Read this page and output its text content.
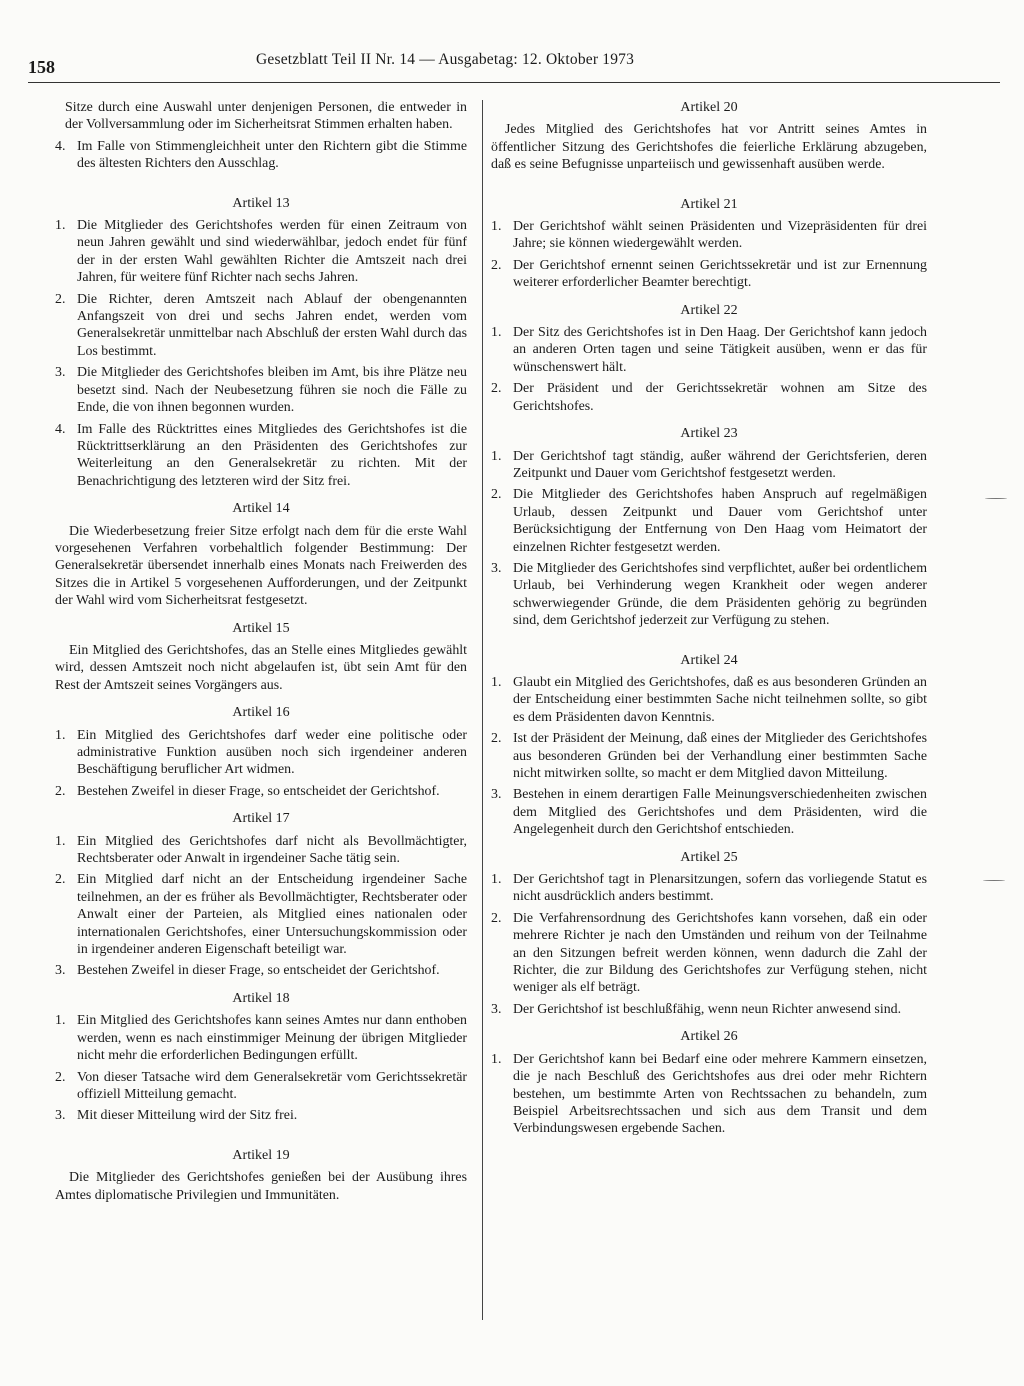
158	Gesetzblatt Teil II Nr. 14 — Ausgabetag: 12. Oktober 1973

Sitze durch eine Auswahl unter denjenigen Personen, die entweder in der Vollversammlung oder im Sicherheitsrat Stimmen erhalten haben.

4. Im Falle von Stimmengleichheit unter den Richtern gibt die Stimme des ältesten Richters den Ausschlag.
Artikel 13
1. Die Mitglieder des Gerichtshofes werden für einen Zeitraum von neun Jahren gewählt und sind wiederwählbar, jedoch endet für fünf der in der ersten Wahl gewählten Richter die Amtszeit nach drei Jahren, für weitere fünf Richter nach sechs Jahren.
2. Die Richter, deren Amtszeit nach Ablauf der obengenannten Anfangszeit von drei und sechs Jahren endet, werden vom Generalsekretär unmittelbar nach Abschluß der ersten Wahl durch das Los bestimmt.
3. Die Mitglieder des Gerichtshofes bleiben im Amt, bis ihre Plätze neu besetzt sind. Nach der Neubesetzung führen sie noch die Fälle zu Ende, die von ihnen begonnen wurden.
4. Im Falle des Rücktrittes eines Mitgliedes des Gerichtshofes ist die Rücktrittserklärung an den Präsidenten des Gerichtshofes zur Weiterleitung an den Generalsekretär zu richten. Mit der Benachrichtigung des letzteren wird der Sitz frei.
Artikel 14

Die Wiederbesetzung freier Sitze erfolgt nach dem für die erste Wahl vorgesehenen Verfahren vorbehaltlich folgender Bestimmung: Der Generalsekretär übersendet innerhalb eines Monats nach Freiwerden des Sitzes die in Artikel 5 vorgesehenen Aufforderungen, und der Zeitpunkt der Wahl wird vom Sicherheitsrat festgesetzt.

Artikel 15

Ein Mitglied des Gerichtshofes, das an Stelle eines Mitgliedes gewählt wird, dessen Amtszeit noch nicht abgelaufen ist, übt sein Amt für den Rest der Amtszeit seines Vorgängers aus.

Artikel 16
1. Ein Mitglied des Gerichtshofes darf weder eine politische oder administrative Funktion ausüben noch sich irgendeiner anderen Beschäftigung beruflicher Art widmen.
2. Bestehen Zweifel in dieser Frage, so entscheidet der Gerichtshof.
Artikel 17
1. Ein Mitglied des Gerichtshofes darf nicht als Bevollmächtigter, Rechtsberater oder Anwalt in irgendeiner Sache tätig sein.
2. Ein Mitglied darf nicht an der Entscheidung irgendeiner Sache teilnehmen, an der es früher als Bevollmächtigter, Rechtsberater oder Anwalt einer der Parteien, als Mitglied eines nationalen oder internationalen Gerichtshofes, einer Untersuchungskommission oder in irgendeiner anderen Eigenschaft beteiligt war.
3. Bestehen Zweifel in dieser Frage, so entscheidet der Gerichtshof.
Artikel 18
1. Ein Mitglied des Gerichtshofes kann seines Amtes nur dann enthoben werden, wenn es nach einstimmiger Meinung der übrigen Mitglieder nicht mehr die erforderlichen Bedingungen erfüllt.
2. Von dieser Tatsache wird dem Generalsekretär vom Gerichtssekretär offiziell Mitteilung gemacht.
3. Mit dieser Mitteilung wird der Sitz frei.
Artikel 19

Die Mitglieder des Gerichtshofes genießen bei der Ausübung ihres Amtes diplomatische Privilegien und Immunitäten.

Artikel 20

Jedes Mitglied des Gerichtshofes hat vor Antritt seines Amtes in öffentlicher Sitzung des Gerichtshofes die feierliche Erklärung abzugeben, daß es seine Befugnisse unparteiisch und gewissenhaft ausüben werde.

Artikel 21
1. Der Gerichtshof wählt seinen Präsidenten und Vizepräsidenten für drei Jahre; sie können wiedergewählt werden.
2. Der Gerichtshof ernennt seinen Gerichtssekretär und ist zur Ernennung weiterer erforderlicher Beamter berechtigt.
Artikel 22
1. Der Sitz des Gerichtshofes ist in Den Haag. Der Gerichtshof kann jedoch an anderen Orten tagen und seine Tätigkeit ausüben, wenn er das für wünschenswert hält.
2. Der Präsident und der Gerichtssekretär wohnen am Sitze des Gerichtshofes.
Artikel 23
1. Der Gerichtshof tagt ständig, außer während der Gerichtsferien, deren Zeitpunkt und Dauer vom Gerichtshof festgesetzt werden.
2. Die Mitglieder des Gerichtshofes haben Anspruch auf regelmäßigen Urlaub, dessen Zeitpunkt und Dauer vom Gerichtshof unter Berücksichtigung der Entfernung von Den Haag vom Heimatort der einzelnen Richter festgesetzt werden.
3. Die Mitglieder des Gerichtshofes sind verpflichtet, außer bei ordentlichem Urlaub, bei Verhinderung wegen Krankheit oder wegen anderer schwerwiegender Gründe, die dem Präsidenten gehörig zu begründen sind, dem Gerichtshof jederzeit zur Verfügung zu stehen.
Artikel 24
1. Glaubt ein Mitglied des Gerichtshofes, daß es aus besonderen Gründen an der Entscheidung einer bestimmten Sache nicht teilnehmen sollte, so gibt es dem Präsidenten davon Kenntnis.
2. Ist der Präsident der Meinung, daß eines der Mitglieder des Gerichtshofes aus besonderen Gründen bei der Verhandlung einer bestimmten Sache nicht mitwirken sollte, so macht er dem Mitglied davon Mitteilung.
3. Bestehen in einem derartigen Falle Meinungsverschiedenheiten zwischen dem Mitglied des Gerichtshofes und dem Präsidenten, wird die Angelegenheit durch den Gerichtshof entschieden.
Artikel 25
1. Der Gerichtshof tagt in Plenarsitzungen, sofern das vorliegende Statut es nicht ausdrücklich anders bestimmt.
2. Die Verfahrensordnung des Gerichtshofes kann vorsehen, daß ein oder mehrere Richter je nach den Umständen und reihum von der Teilnahme an den Sitzungen befreit werden können, wenn dadurch die Zahl der Richter, die zur Bildung des Gerichtshofes zur Verfügung stehen, nicht weniger als elf beträgt.
3. Der Gerichtshof ist beschlußfähig, wenn neun Richter anwesend sind.
Artikel 26
1. Der Gerichtshof kann bei Bedarf eine oder mehrere Kammern einsetzen, die je nach Beschluß des Gerichtshofes aus drei oder mehr Richtern bestehen, um bestimmte Arten von Rechtssachen zu behandeln, zum Beispiel Arbeitsrechtssachen und sich aus dem Transit und dem Verbindungswesen ergebende Sachen.
